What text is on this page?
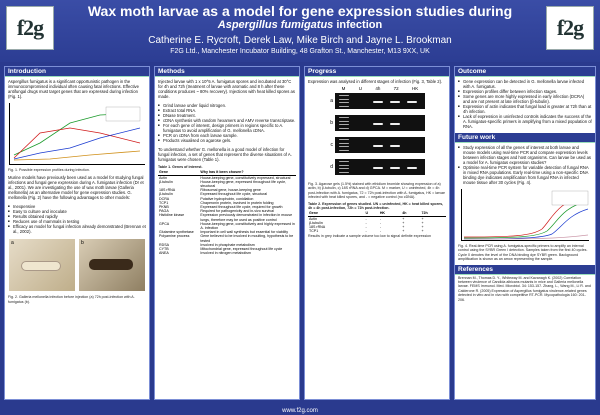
f2g
Wax moth larvae as a model for gene expression studies during
Aspergillus fumigatus infection
Catherine E. Rycroft, Derek Law, Mike Birch and Jayne L. Brookman
F2G Ltd., Manchester Incubator Building, 48 Grafton St., Manchester, M13 9XX, UK
f2g
Introduction
Aspergillus fumigatus is a significant opportunistic pathogen in the immunocompromised individual often causing fatal infections. Effective antifungal drugs must target genes that are expressed during infection (Fig. 1).
Fig. 1. Possible expression profiles during infection.
Murine models have previously been used as a model for studying fungal infections and fungal gene expression during A. fumigatus infection (Dr et al., 2001). We are investigating the use of wax moth larvae (Galleria mellonella) as an alternative model for gene expression studies. G. mellonella (Fig. 2) have the following advantages to other models:
■ Inexpensive
■ Easy to culture and inoculate
■ Results obtained rapidly
■ Reduces use of mammals in testing
■ Efficacy as model for fungal infection already demonstrated (Brennan et al., 2002).
a	b
Fig. 2. Galleria mellonella infection before injection (a) 72h post-infection with A. fumigatus (b).
Methods
Injected larvae with 1 x 10^5 A. fumigatus spores and incubated at 30°C for 4h and 72h (treatment of larvae with aromatic and 8 h after these conditions produces ~ 80% recovery). Injections with heat killed spores as made.
■ Grind larvae under liquid nitrogen.
■ Extract total RNA.
■ DNase treatment.
■ cDNA synthesis with random hexamers and AMV reverse transcriptase.
■ For each gene of interest, design primers in regions specific to A. fumigatus to avoid amplification of G. mellonella cDNA.
■ PCR on cDNA from each larvae sample.
■ Products visualised on agarose gels.
To understand whether G. mellonella is a good model of infection for fungal infection, a set of genes that represent the diverse situations of A. fumigatus were chosen (Table 1).
Table 1. Genes of interest.
Gene	Why has it been chosen?
Actin	House-keeping gene, constitutively expressed, structural
β-tubulin	House-keeping gene, expressed throughout life cycle, structural
18S rRNA	Ribosomal gene, house-keeping gene
β-tubulin	Expressed throughout life cycle, structural
DCRA	Putative hydrophobin, conidiation
TCP1	Chaperonin protein, involved in protein folding
PKNB	Expressed throughout life cycle, required for growth
PAGA	Required for pathogenicity and in-vivo survival
Histidine kinase	Expression previously demonstrated in infection in mouse lungs, therefore may be used as positive control
GPCA	House-keeping gene, constitutively and highly expressed in A. infection
Glutamine synthetase	Important in cell wall synthesis but essential for viability
Polyamine process	Gene believed to be involved in moulting, hypothesis to be tested
RDSA	Involved in phosphate metabolism
CYTB	Mitochondrial gene, expressed throughout life cycle
ANEA	Involved in nitrogen metabolism
Progress
Expression was analysed in different stages of infection (Fig. 3, Table 2).
M	U	4h	72	HK
a
b
c
d
Fig. 3. Agarose gels (1.5%) stained with ethidium bromide showing expression of a) actin, b) β-tubulin, c) 18S rRNA and d) GPCA. M = marker, U = uninfected, 4h = 4h post-infection with A. fumigatus, 72 = 72h post-infection with A. fumigatus, HK = larvae infected with heat killed spores, and - = negative control (no cDNA).
Table 2. Expression of genes studied. UN = uninfected, HK = heat killed spores, 4h = 4h post-infection, 72h = 72h post-infection.
Gene	U	HK	4h	72h
Actin	-	-	+	+
β-tubulin	-	-	+	+
18S rRNA	-	-	+	+
TCP1	-	-	+	+
Results in grey indicate a sample volume too low to signal definite expression
Outcome
■ Gene expression can be detected in G. mellonella larvae infected with A. fumigatus.
■ Expression profiles differ between infection stages.
■ Some genes are more highly expressed in early infection (DCRA) and are not present at late infection (β-tubulin).
■ Expression of actin indicates that fungal load is greater at 72h than at 4h infection.
■ Lack of expression in uninfected controls indicates the success of the A. fumigatus-specific primers in amplifying from a mixed population of RNA.
Future work
■ Study expression of all the genes of interest at both larvae and mouse models using real-time PCR and compare expression levels between infection stages and host organisms. Can larvae be used as a model for A. fumigatus expression studies?
■ Optimise real-time PCR system for variable detection of fungal RNA in mixed RNA populations. Early real-time using a non-specific DNA binding dye indicates amplification from fungal RNA in infected mouse tissue after 30 cycles (Fig. 4).
Fig. 4. Real-time PCR using A. fumigatus-specific primers to amplify an internal control using the SYBR Green I detection. Samples taken from the first 40 cycles. Cycle 0 denotes the level of the DNA binding dye SYBR green. Background amplification is shown as an arrow representing the sample.
References
Brennan M., Thomas D. Y., Whiteway M. and Kavanagh K. (2002) Correlation between virulence of Candida albicans mutants in mice and Galleria mellonella larvae. FEMS Immunol. Med. Microbiol. 34: 153-157. Zhang, L., Wang M., Li R. and Calderone R. (2005) Expression of Aspergillus fumigatus virulence-related genes detected in vitro and in vivo with competitive RT-PCR. Mycopathologia 160: 201-206.
www.f2g.com
